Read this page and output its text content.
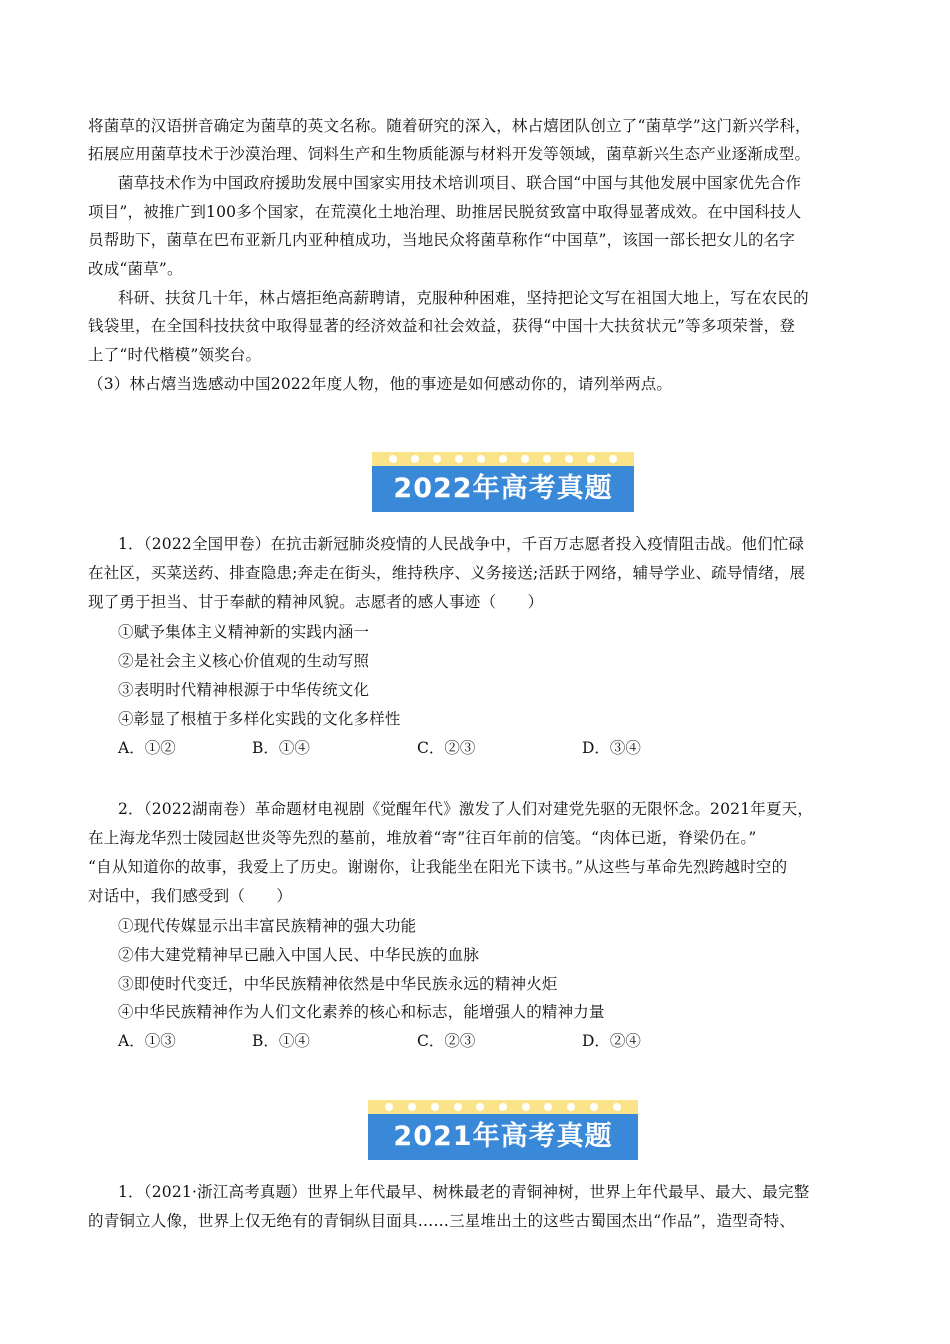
将菌草的汉语拼音确定为菌草的英文名称。随着研究的深入，林占熺团队创立了“菌草学”这门新兴学科，
拓展应用菌草技术于沙漠治理、饲料生产和生物质能源与材料开发等领域，菌草新兴生态产业逐渐成型。
菌草技术作为中国政府援助发展中国家实用技术培训项目、联合国“中国与其他发展中国家优先合作
项目”，被推广到100多个国家，在荒漠化土地治理、助推居民脱贫致富中取得显著成效。在中国科技人
员帮助下，菌草在巴布亚新几内亚种植成功，当地民众将菌草称作“中国草”，该国一部长把女儿的名字
改成“菌草”。
科研、扶贫几十年，林占熺拒绝高薪聘请，克服种种困难，坚持把论文写在祖国大地上，写在农民的
钱袋里，在全国科技扶贫中取得显著的经济效益和社会效益，获得“中国十大扶贫状元”等多项荣誉，登
上了“时代楷模”领奖台。
（3）林占熺当选感动中国2022年度人物，他的事迹是如何感动你的，请列举两点。
2022年高考真题
1．（2022全国甲卷）在抗击新冠肺炎疫情的人民战争中，千百万志愿者投入疫情阻击战。他们忙碌
在社区，买菜送药、排查隐患;奔走在街头，维持秩序、义务接送;活跃于网络，辅导学业、疏导情绪，展
现了勇于担当、甘于奉献的精神风貌。志愿者的感人事迹（　　）
①赋予集体主义精神新的实践内涵一
②是社会主义核心价值观的生动写照
③表明时代精神根源于中华传统文化
④彰显了根植于多样化实践的文化多样性
A．①②	B．①④	C．②③	D．③④
2．（2022湖南卷）革命题材电视剧《觉醒年代》激发了人们对建党先驱的无限怀念。2021年夏天，
在上海龙华烈士陵园赵世炎等先烈的墓前，堆放着“寄”往百年前的信笺。“肉体已逝，脊梁仍在。”
“自从知道你的故事，我爱上了历史。谢谢你，让我能坐在阳光下读书。”从这些与革命先烈跨越时空的
对话中，我们感受到（　　）
①现代传媒显示出丰富民族精神的强大功能
②伟大建党精神早已融入中国人民、中华民族的血脉
③即使时代变迁，中华民族精神依然是中华民族永远的精神火炬
④中华民族精神作为人们文化素养的核心和标志，能增强人的精神力量
A．①③	B．①④	C．②③	D．②④
2021年高考真题
1．（2021·浙江高考真题）世界上年代最早、树株最老的青铜神树，世界上年代最早、最大、最完整
的青铜立人像，世界上仅无绝有的青铜纵目面具……三星堆出土的这些古蜀国杰出“作品”，造型奇特、
